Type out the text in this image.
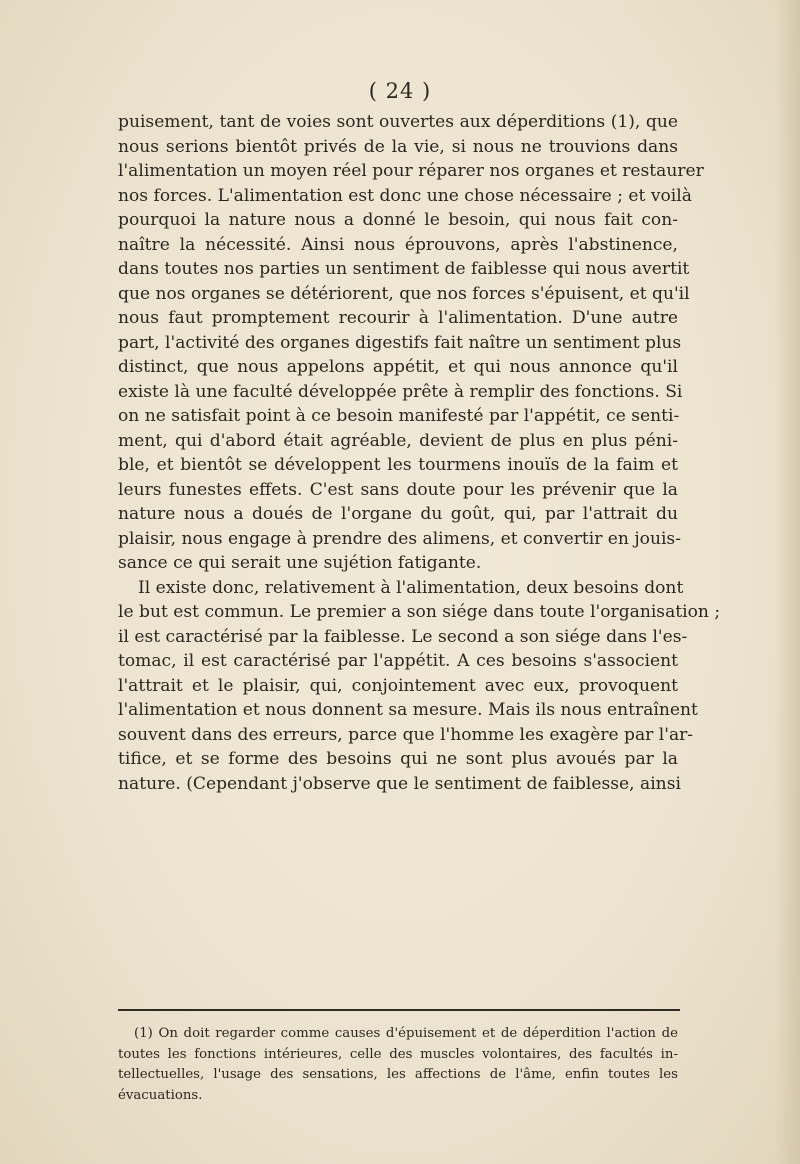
( 24 )
puisement, tant de voies sont ouvertes aux déperditions (1), que
nous serions bientôt privés de la vie, si nous ne trouvions dans
l'alimentation un moyen réel pour réparer nos organes et restaurer
nos forces. L'alimentation est donc une chose nécessaire ; et voilà
pourquoi la nature nous a donné le besoin, qui nous fait con-
naître la nécessité. Ainsi nous éprouvons, après l'abstinence,
dans toutes nos parties un sentiment de faiblesse qui nous avertit
que nos organes se détériorent, que nos forces s'épuisent, et qu'il
nous faut promptement recourir à l'alimentation. D'une autre
part, l'activité des organes digestifs fait naître un sentiment plus
distinct, que nous appelons appétit, et qui nous annonce qu'il
existe là une faculté développée prête à remplir des fonctions. Si
on ne satisfait point à ce besoin manifesté par l'appétit, ce senti-
ment, qui d'abord était agréable, devient de plus en plus péni-
ble, et bientôt se développent les tourmens inouïs de la faim et
leurs funestes effets. C'est sans doute pour les prévenir que la
nature nous a doués de l'organe du goût, qui, par l'attrait du
plaisir, nous engage à prendre des alimens, et convertir en jouis-
sance ce qui serait une sujétion fatigante.
Il existe donc, relativement à l'alimentation, deux besoins dont
le but est commun. Le premier a son siége dans toute l'organisation ;
il est caractérisé par la faiblesse. Le second a son siége dans l'es-
tomac, il est caractérisé par l'appétit. A ces besoins s'associent
l'attrait et le plaisir, qui, conjointement avec eux, provoquent
l'alimentation et nous donnent sa mesure. Mais ils nous entraînent
souvent dans des erreurs, parce que l'homme les exagère par l'ar-
tifice, et se forme des besoins qui ne sont plus avoués par la
nature. (Cependant j'observe que le sentiment de faiblesse, ainsi
(1) On doit regarder comme causes d'épuisement et de déperdition l'action de
toutes les fonctions intérieures, celle des muscles volontaires, des facultés in-
tellectuelles, l'usage des sensations, les affections de l'âme, enfin toutes les
évacuations.
